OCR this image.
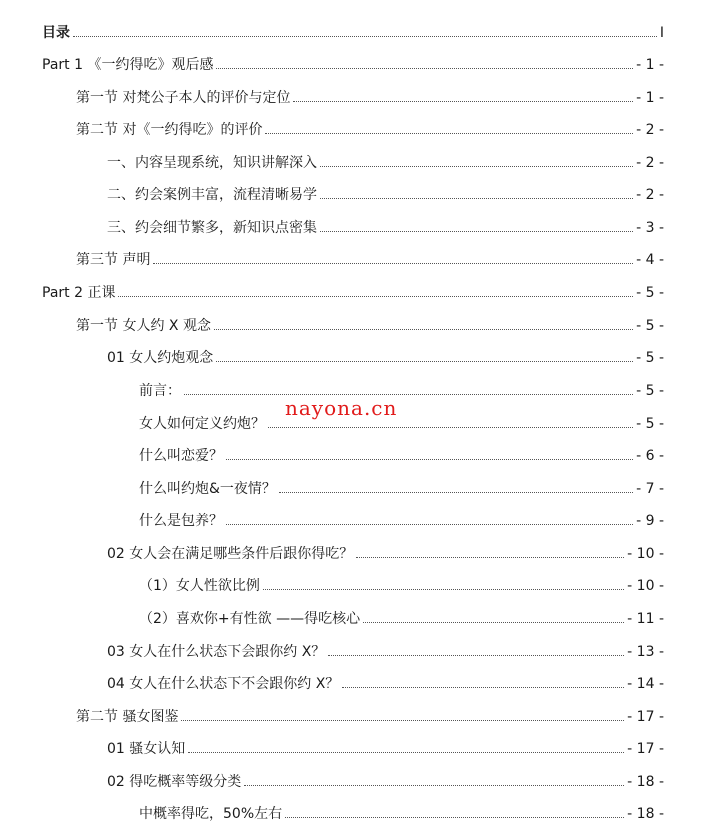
目录	I
Part 1 《一约得吃》观后感	- 1 -
第一节 对梵公子本人的评价与定位	- 1 -
第二节 对《一约得吃》的评价	- 2 -
一、内容呈现系统，知识讲解深入	- 2 -
二、约会案例丰富，流程清晰易学	- 2 -
三、约会细节繁多，新知识点密集	- 3 -
第三节 声明	- 4 -
Part 2 正课	- 5 -
第一节 女人约 X 观念	- 5 -
01 女人约炮观念	- 5 -
前言：	- 5 -
女人如何定义约炮？	- 5 -
什么叫恋爱？	- 6 -
什么叫约炮&一夜情？	- 7 -
什么是包养？	- 9 -
02 女人会在满足哪些条件后跟你得吃？	- 10 -
（1）女人性欲比例	- 10 -
（2）喜欢你+有性欲 ——得吃核心	- 11 -
03 女人在什么状态下会跟你约 X？	- 13 -
04 女人在什么状态下不会跟你约 X？	- 14 -
第二节 骚女图鉴	- 17 -
01 骚女认知	- 17 -
02 得吃概率等级分类	- 18 -
中概率得吃，50%左右	- 18 -
nayona.cn
